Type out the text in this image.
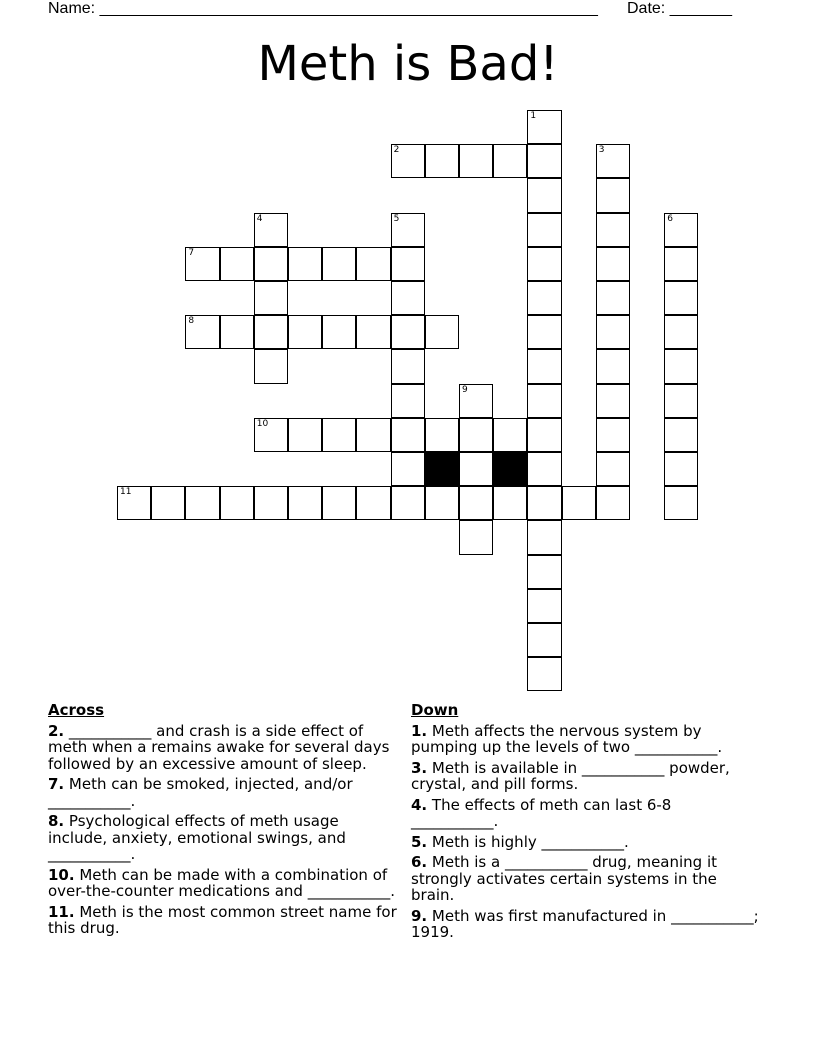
Name: ________________________________________________________ Date: _______
Meth is Bad!
1
2	3
4	5	6
7
8
9
10
11
Across
2. ___________ and crash is a side effect of meth when a remains awake for several days followed by an excessive amount of sleep.
7. Meth can be smoked, injected, and/or ___________.
8. Psychological effects of meth usage include, anxiety, emotional swings, and ___________.
10. Meth can be made with a combination of over-the-counter medications and ___________.
11. Meth is the most common street name for this drug.
Down
1. Meth affects the nervous system by pumping up the levels of two ___________.
3. Meth is available in ___________ powder, crystal, and pill forms.
4. The effects of meth can last 6-8 ___________.
5. Meth is highly ___________.
6. Meth is a ___________ drug, meaning it strongly activates certain systems in the brain.
9. Meth was first manufactured in ___________; 1919.
